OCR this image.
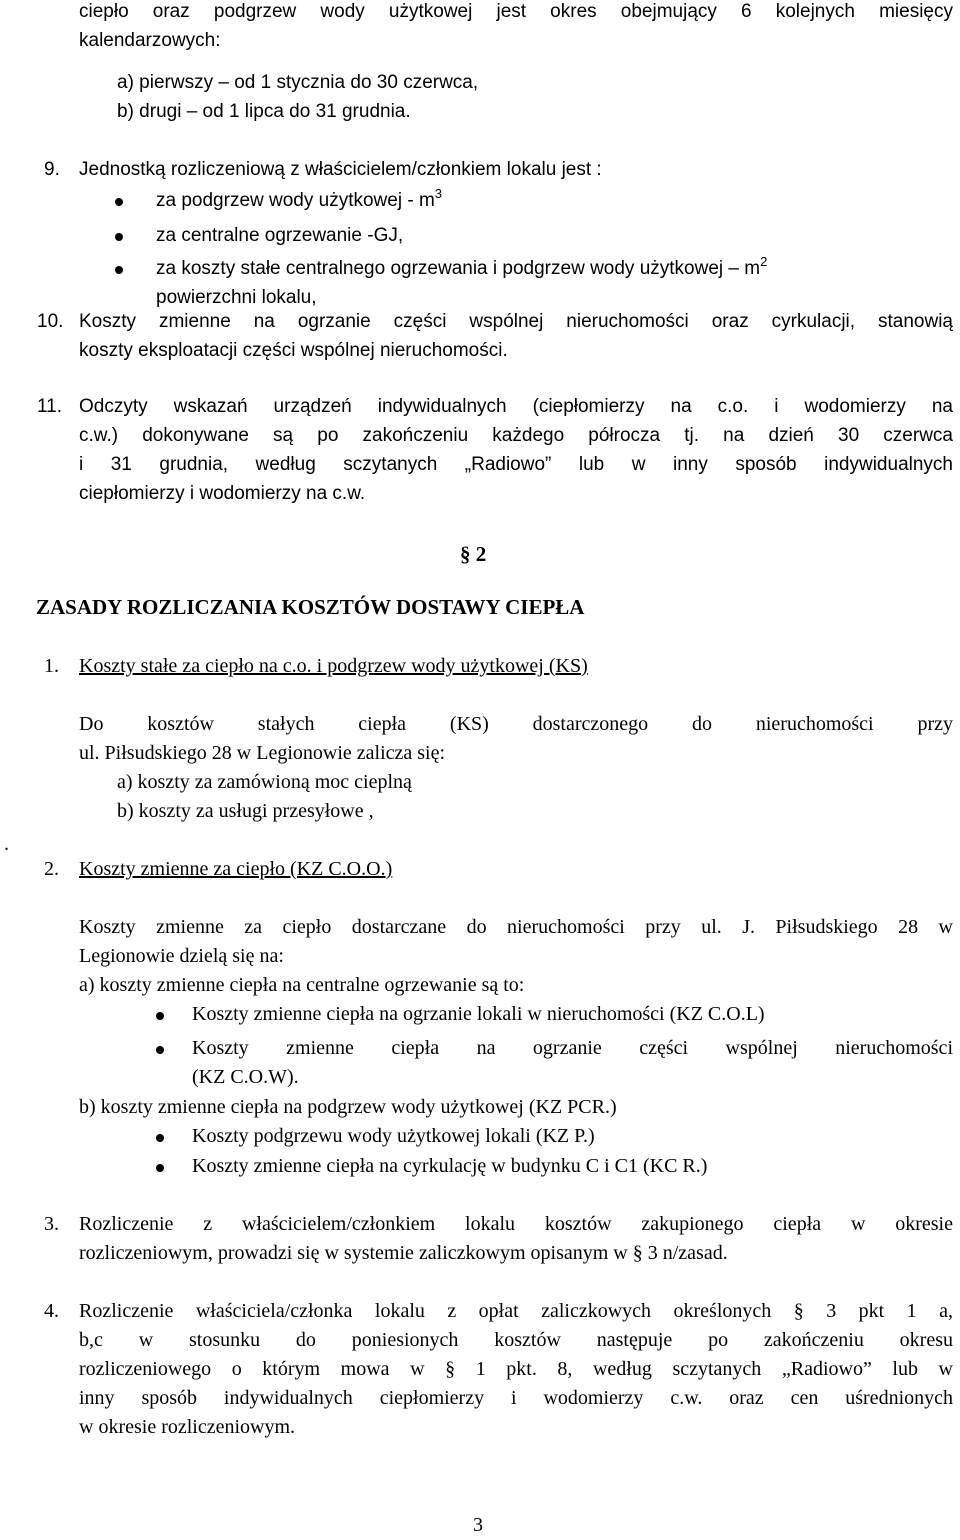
ciepło oraz podgrzew wody użytkowej jest okres obejmujący 6 kolejnych miesięcy
kalendarzowych:
a) pierwszy – od 1 stycznia do 30 czerwca,
b) drugi – od 1 lipca do 31 grudnia.
9. Jednostką rozliczeniową z właścicielem/członkiem lokalu jest :
za podgrzew wody użytkowej - $m^3$
za centralne ogrzewanie -GJ,
za koszty stałe centralnego ogrzewania i podgrzew wody użytkowej – $m^2$
powierzchni lokalu,
10. Koszty zmienne na ogrzanie części wspólnej nieruchomości oraz cyrkulacji, stanowią
koszty eksploatacji części wspólnej nieruchomości.
11. Odczyty wskazań urządzeń indywidualnych (ciepłomierzy na c.o. i wodomierzy na
c.w.) dokonywane są po zakończeniu każdego półrocza tj. na dzień 30 czerwca
i 31 grudnia, według sczytanych „Radiowo” lub w inny sposób indywidualnych
ciepłomierzy i wodomierzy na c.w.
§ 2
ZASADY ROZLICZANIA KOSZTÓW DOSTAWY CIEPŁA
1. Koszty stałe za ciepło na c.o. i podgrzew wody użytkowej (KS)
Do kosztów stałych ciepła (KS) dostarczonego do nieruchomości przy
ul. Piłsudskiego 28 w Legionowie zalicza się:
a) koszty za zamówioną moc cieplną
b) koszty za usługi przesyłowe ,
.
2. Koszty zmienne za ciepło (KZ C.O.O.)
Koszty zmienne za ciepło dostarczane do nieruchomości przy ul. J. Piłsudskiego 28 w
Legionowie dzielą się na:
a) koszty zmienne ciepła na centralne ogrzewanie są to:
Koszty zmienne ciepła na ogrzanie lokali w nieruchomości (KZ C.O.L)
Koszty zmienne ciepła na ogrzanie części wspólnej nieruchomości
(KZ C.O.W).
b) koszty zmienne ciepła na podgrzew wody użytkowej (KZ PCR.)
Koszty podgrzewu wody użytkowej lokali (KZ P.)
Koszty zmienne ciepła na cyrkulację w budynku C i C1 (KC R.)
3. Rozliczenie z właścicielem/członkiem lokalu kosztów zakupionego ciepła w okresie
rozliczeniowym, prowadzi się w systemie zaliczkowym opisanym w § 3 n/zasad.
4. Rozliczenie właściciela/członka lokalu z opłat zaliczkowych określonych § 3 pkt 1 a,
b,c w stosunku do poniesionych kosztów następuje po zakończeniu okresu
rozliczeniowego o którym mowa w § 1 pkt. 8, według sczytanych „Radiowo” lub w
inny sposób indywidualnych ciepłomierzy i wodomierzy c.w. oraz cen uśrednionych
w okresie rozliczeniowym.
3
